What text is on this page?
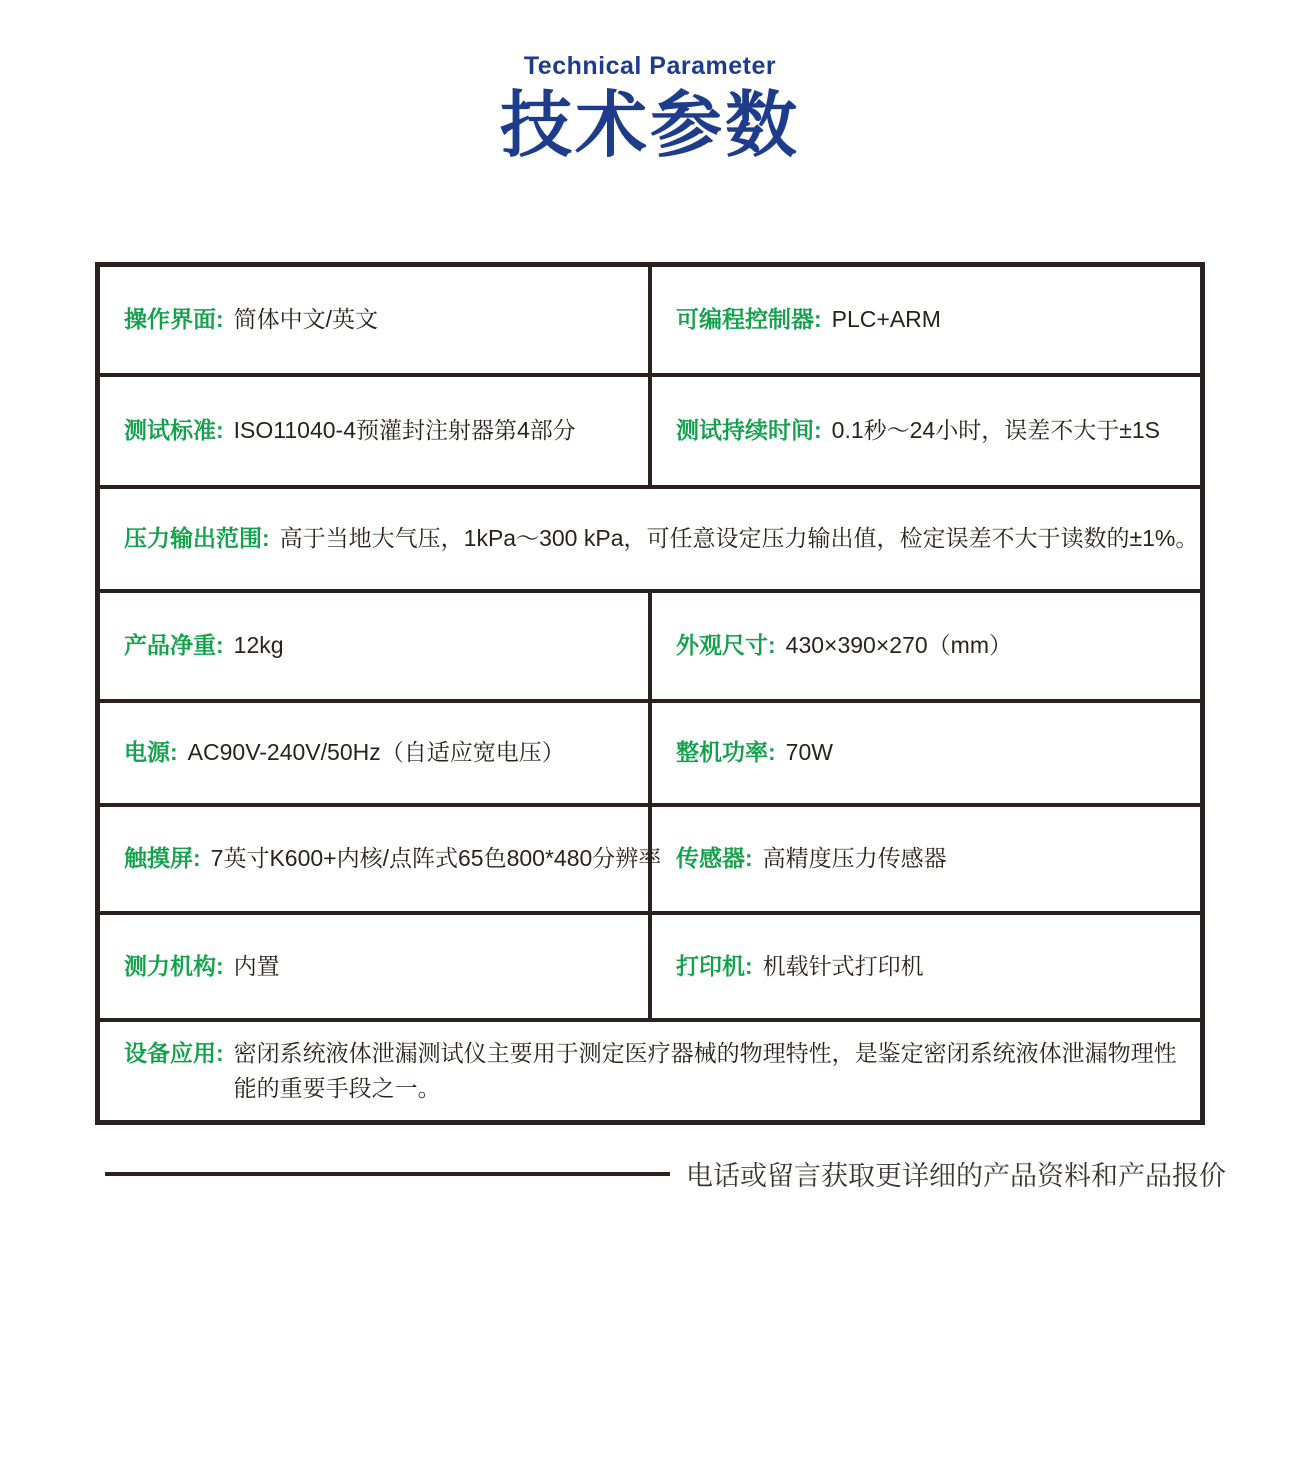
Technical Parameter
技术参数
操作界面: 简体中文/英文	可编程控制器: PLC+ARM

测试标准: ISO11040-4预灌封注射器第4部分	测试持续时间: 0.1秒～24小时，误差不大于±1S

压力输出范围: 高于当地大气压，1kPa～300 kPa，可任意设定压力输出值，检定误差不大于读数的±1%。	

产品净重: 12kg	外观尺寸: 430×390×270（mm）

电源: AC90V-240V/50Hz（自适应宽电压）	整机功率: 70W

触摸屏: 7英寸K600+内核/点阵式65色800*480分辨率	传感器: 高精度压力传感器

测力机构: 内置	打印机: 机载针式打印机

设备应用: 密闭系统液体泄漏测试仪主要用于测定医疗器械的物理特性，是鉴定密闭系统液体泄漏物理性能的重要手段之一。	
电话或留言获取更详细的产品资料和产品报价
